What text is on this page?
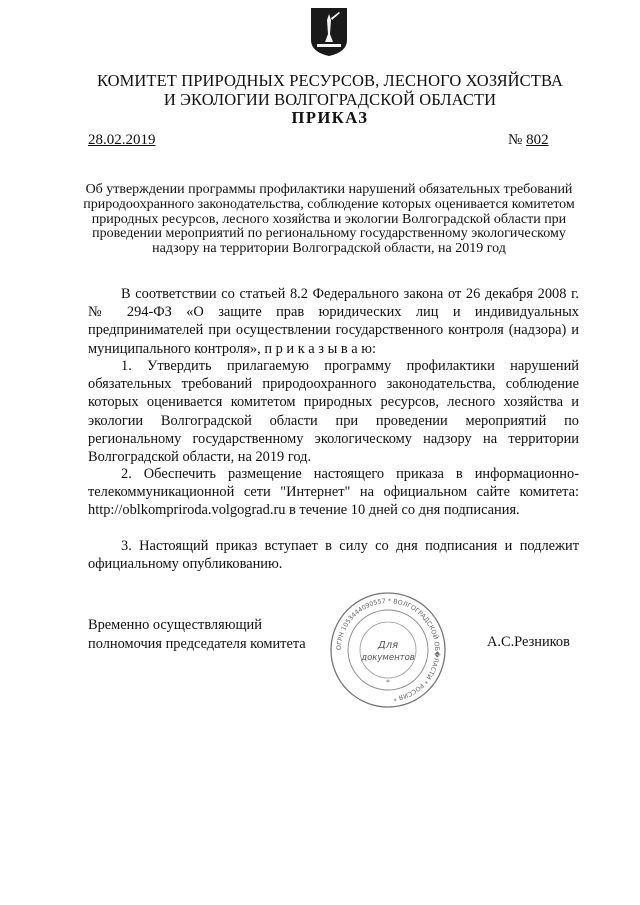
КОМИТЕТ ПРИРОДНЫХ РЕСУРСОВ, ЛЕСНОГО ХОЗЯЙСТВА
И ЭКОЛОГИИ ВОЛГОГРАДСКОЙ ОБЛАСТИ
ПРИКАЗ
28.02.2019	№ 802
Об утверждении программы профилактики нарушений обязательных требований природоохранного законодательства, соблюдение которых оценивается комитетом природных ресурсов, лесного хозяйства и экологии Волгоградской области при проведении мероприятий по региональному государственному экологическому надзору на территории Волгоградской области, на 2019 год
В соответствии со статьей 8.2 Федерального закона от 26 декабря 2008 г. № 294-ФЗ «О защите прав юридических лиц и индивидуальных предпринимателей при осуществлении государственного контроля (надзора) и муниципального контроля», п р и к а з ы в а ю:
1. Утвердить прилагаемую программу профилактики нарушений обязательных требований природоохранного законодательства, соблюдение которых оценивается комитетом природных ресурсов, лесного хозяйства и экологии Волгоградской области при проведении мероприятий по региональному государственному экологическому надзору на территории Волгоградской области, на 2019 год.
2. Обеспечить размещение настоящего приказа в информационно-телекоммуникационной сети "Интернет" на официальном сайте комитета: http://oblkompriroda.volgograd.ru в течение 10 дней со дня подписания.
3. Настоящий приказ вступает в силу со дня подписания и подлежит официальному опубликованию.
Временно осуществляющий
полномочия председателя комитета	А.С.Резников
ОГРН 1053444090557 * ВОЛГОГРАДСКОЙ ОБ�ЛАСТИ * РОССИЯ *
Для
документов
*
